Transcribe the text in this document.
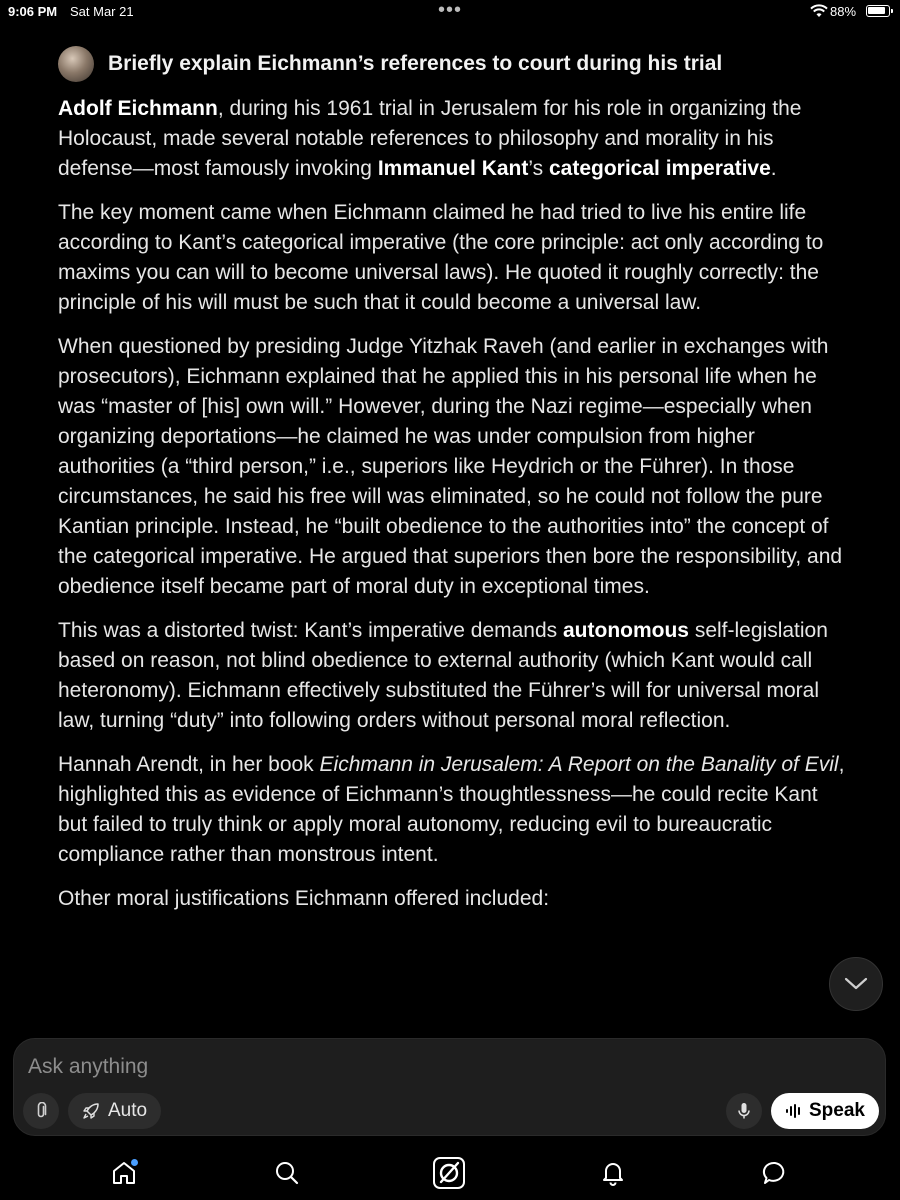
9:06 PM Sat Mar 21	•••	88%
Briefly explain Eichmann’s references to court during his trial

Adolf Eichmann, during his 1961 trial in Jerusalem for his role in organizing the Holocaust, made several notable references to philosophy and morality in his defense—most famously invoking Immanuel Kant’s categorical imperative.

The key moment came when Eichmann claimed he had tried to live his entire life according to Kant’s categorical imperative (the core principle: act only according to maxims you can will to become universal laws). He quoted it roughly correctly: the principle of his will must be such that it could become a universal law.

When questioned by presiding Judge Yitzhak Raveh (and earlier in exchanges with prosecutors), Eichmann explained that he applied this in his personal life when he was “master of [his] own will.” However, during the Nazi regime—especially when organizing deportations—he claimed he was under compulsion from higher authorities (a “third person,” i.e., superiors like Heydrich or the Führer). In those circumstances, he said his free will was eliminated, so he could not follow the pure Kantian principle. Instead, he “built obedience to the authorities into” the concept of the categorical imperative. He argued that superiors then bore the responsibility, and obedience itself became part of moral duty in exceptional times.

This was a distorted twist: Kant’s imperative demands autonomous self-legislation based on reason, not blind obedience to external authority (which Kant would call heteronomy). Eichmann effectively substituted the Führer’s will for universal moral law, turning “duty” into following orders without personal moral reflection.

Hannah Arendt, in her book Eichmann in Jerusalem: A Report on the Banality of Evil, highlighted this as evidence of Eichmann’s thoughtlessness—he could recite Kant but failed to truly think or apply moral autonomy, reducing evil to bureaucratic compliance rather than monstrous intent.

Other moral justifications Eichmann offered included:

Ask anything
Auto	Speak
